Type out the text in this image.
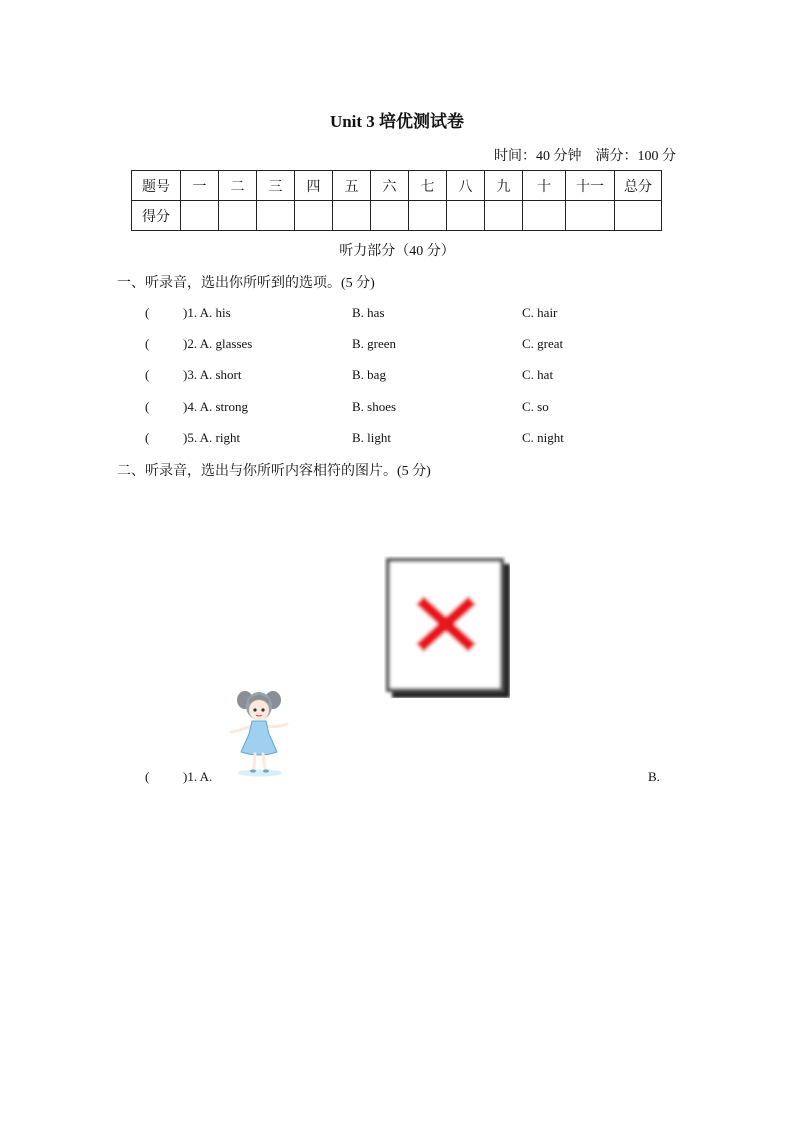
Unit 3 培优测试卷
时间：40 分钟 满分：100 分
题号	一	二	三	四	五	六	七	八	九	十	十一	总分
得分												
听力部分（40 分）
一、听录音，选出你所听到的选项。(5 分)
(	)1. A. his	B. has	C. hair
(	)2. A. glasses	B. green	C. great
(	)3. A. short	B. bag	C. hat
(	)4. A. strong	B. shoes	C. so
(	)5. A. right	B. light	C. night
二、听录音，选出与你所听内容相符的图片。(5 分)
(	)1. A.	B.
